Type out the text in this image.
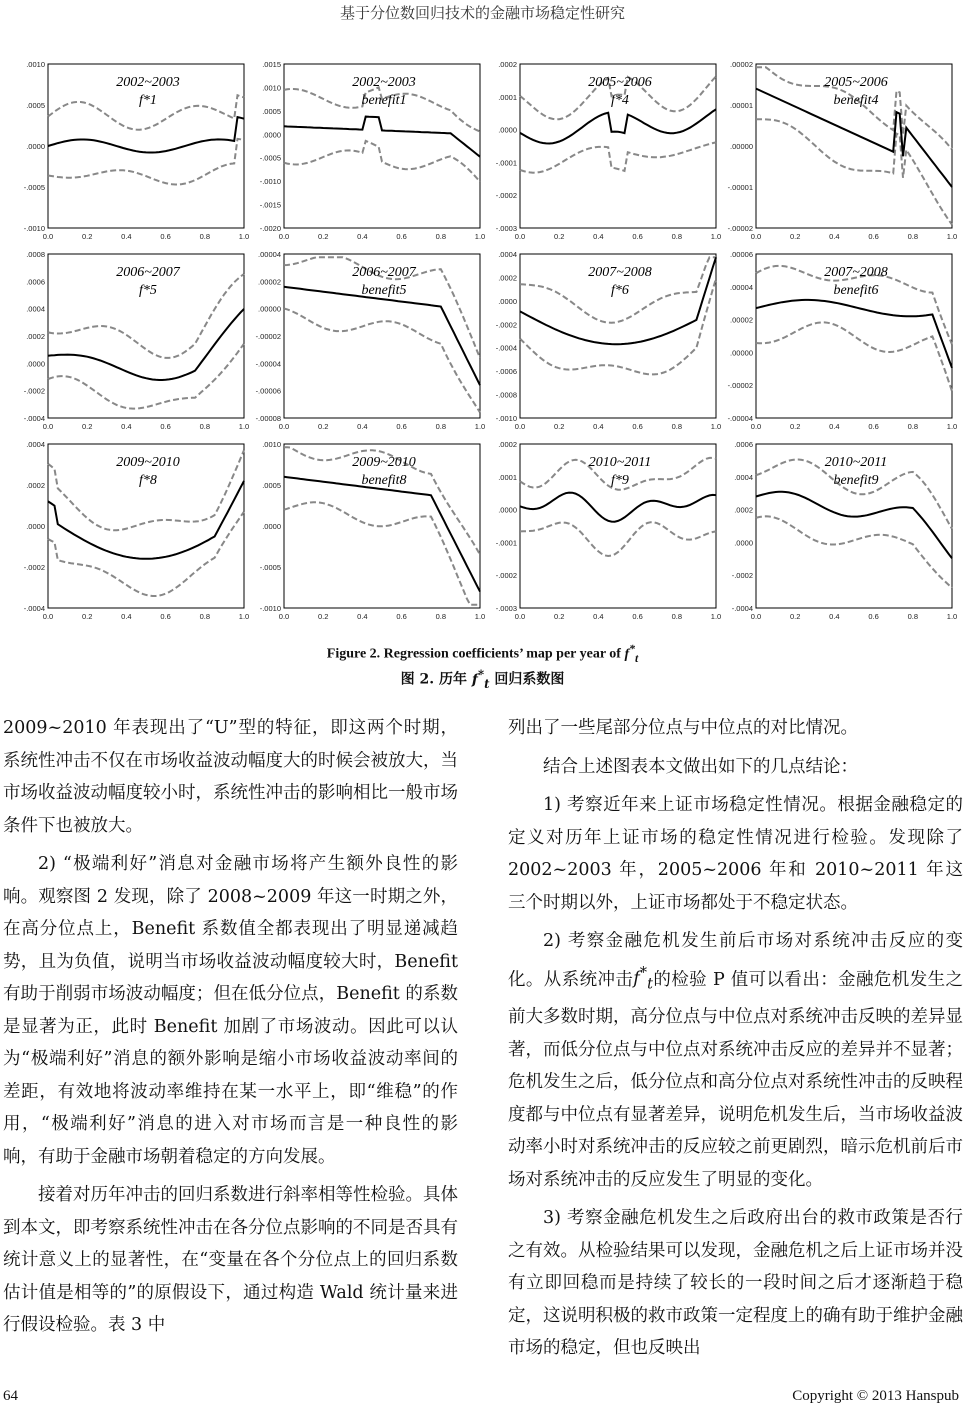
基于分位数回归技术的金融市场稳定性研究
.0010
.0005
.0000
-.0005
-.0010
0.0	0.2	0.4	0.6	0.8	1.0
2002~2003
f*1
.0015
.0010
.0005
.0000
-.0005
-.0010
-.0015
-.0020
0.0	0.2	0.4	0.6	0.8	1.0
2002~2003
benefit1
.0002
.0001
.0000
-.0001
-.0002
-.0003
0.0	0.2	0.4	0.6	0.8	1.0
2005~2006
f*4
.00002
.00001
.00000
-.00001
-.00002
0.0	0.2	0.4	0.6	0.8	1.0
2005~2006
benefit4
.0008
.0006
.0004
.0002
.0000
-.0002
-.0004
0.0	0.2	0.4	0.6	0.8	1.0
2006~2007
f*5
.00004
.00002
.00000
-.00002
-.00004
-.00006
-.00008
0.0	0.2	0.4	0.6	0.8	1.0
2006~2007
benefit5
.0004
.0002
.0000
-.0002
-.0004
-.0006
-.0008
-.0010
0.0	0.2	0.4	0.6	0.8	1.0
2007~2008
f*6
.00006
.00004
.00002
.00000
-.00002
-.00004
0.0	0.2	0.4	0.6	0.8	1.0
2007~2008
benefit6
.0004
.0002
.0000
-.0002
-.0004
0.0	0.2	0.4	0.6	0.8	1.0
2009~2010
f*8
.0010
.0005
.0000
-.0005
-.0010
0.0	0.2	0.4	0.6	0.8	1.0
2009~2010
benefit8
.0002
.0001
.0000
-.0001
-.0002
-.0003
0.0	0.2	0.4	0.6	0.8	1.0
2010~2011
f*9
.0006
.0004
.0002
.0000
-.0002
-.0004
0.0	0.2	0.4	0.6	0.8	1.0
2010~2011
benefit9
Figure 2. Regression coefficients’ map per year of $f^*_t$
图 2. 历年 $f^*_t$ 回归系数图

2009~2010 年表现出了“U”型的特征，即这两个时期，系统性冲击不仅在市场收益波动幅度大的时候会被放大，当市场收益波动幅度较小时，系统性冲击的影响相比一般市场条件下也被放大。

2) “极端利好”消息对金融市场将产生额外良性的影响。观察图 2 发现，除了 2008~2009 年这一时期之外，在高分位点上，Benefit 系数值全都表现出了明显递减趋势，且为负值，说明当市场收益波动幅度较大时，Benefit 有助于削弱市场波动幅度；但在低分位点，Benefit 的系数是显著为正，此时 Benefit 加剧了市场波动。因此可以认为“极端利好”消息的额外影响是缩小市场收益波动率间的差距，有效地将波动率维持在某一水平上，即“维稳”的作用，“极端利好”消息的进入对市场而言是一种良性的影响，有助于金融市场朝着稳定的方向发展。

接着对历年冲击的回归系数进行斜率相等性检验。具体到本文，即考察系统性冲击在各分位点影响的不同是否具有统计意义上的显著性，在“变量在各个分位点上的回归系数估计值是相等的”的原假设下，通过构造 Wald 统计量来进行假设检验。表 3 中

列出了一些尾部分位点与中位点的对比情况。

结合上述图表本文做出如下的几点结论：

1) 考察近年来上证市场稳定性情况。根据金融稳定的定义对历年上证市场的稳定性情况进行检验。发现除了 2002~2003 年，2005~2006 年和 2010~2011 年这三个时期以外，上证市场都处于不稳定状态。

2) 考察金融危机发生前后市场对系统冲击反应的变化。从系统冲击$f^*_t$的检验 P 值可以看出：金融危机发生之前大多数时期，高分位点与中位点对系统冲击反映的差异显著，而低分位点与中位点对系统冲击反应的差异并不显著；危机发生之后，低分位点和高分位点对系统性冲击的反映程度都与中位点有显著差异，说明危机发生后，当市场收益波动率小时对系统冲击的反应较之前更剧烈，暗示危机前后市场对系统冲击的反应发生了明显的变化。

3) 考察金融危机发生之后政府出台的救市政策是否行之有效。从检验结果可以发现，金融危机之后上证市场并没有立即回稳而是持续了较长的一段时间之后才逐渐趋于稳定，这说明积极的救市政策一定程度上的确有助于维护金融市场的稳定，但也反映出

64	Copyright © 2013 Hanspub
